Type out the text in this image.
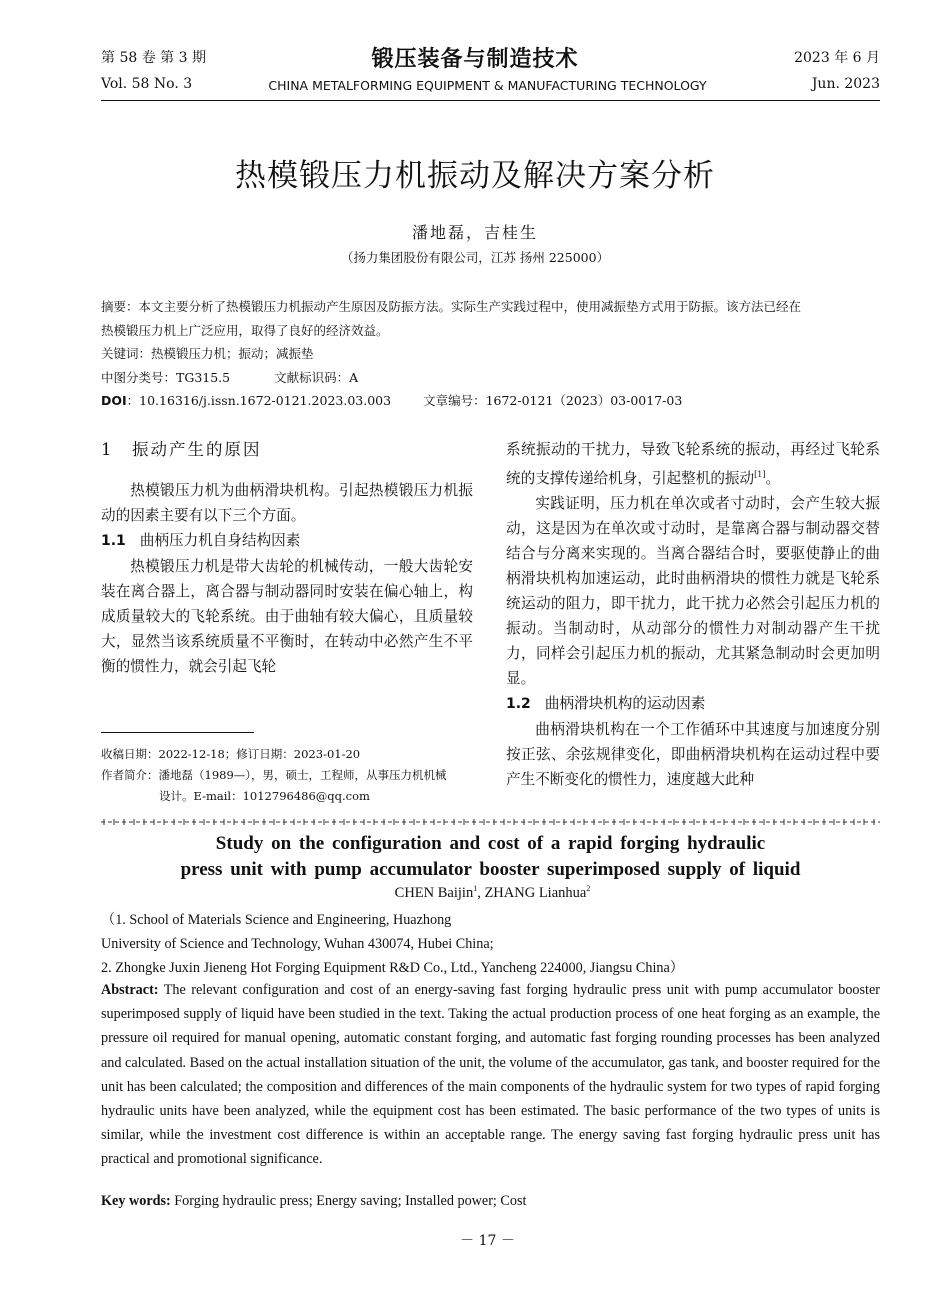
第 58 卷 第 3 期	锻压装备与制造技术	2023 年 6 月
Vol. 58 No. 3	CHINA METALFORMING EQUIPMENT & MANUFACTURING TECHNOLOGY	Jun. 2023
热模锻压力机振动及解决方案分析
潘地磊，吉桂生
（扬力集团股份有限公司，江苏 扬州 225000）
摘要：本文主要分析了热模锻压力机振动产生原因及防振方法。实际生产实践过程中，使用减振垫方式用于防振。该方法已经在
热模锻压力机上广泛应用，取得了良好的经济效益。
关键词：热模锻压力机；振动；减振垫
中图分类号：TG315.5	文献标识码：A
DOI：10.16316/j.issn.1672-0121.2023.03.003	文章编号：1672-0121（2023）03-0017-03
1　振动产生的原因

热模锻压力机为曲柄滑块机构。引起热模锻压力机振动的因素主要有以下三个方面。

1.1 曲柄压力机自身结构因素

热模锻压力机是带大齿轮的机械传动，一般大齿轮安装在离合器上，离合器与制动器同时安装在偏心轴上，构成质量较大的飞轮系统。由于曲轴有较大偏心，且质量较大，显然当该系统质量不平衡时，在转动中必然产生不平衡的惯性力，就会引起飞轮

收稿日期：2022-12-18；修订日期：2023-01-20
作者简介：潘地磊（1989—），男，硕士，工程师，从事压力机机械
设计。E-mail：1012796486@qq.com

系统振动的干扰力，导致飞轮系统的振动，再经过飞轮系统的支撑传递给机身，引起整机的振动[1]。

实践证明，压力机在单次或者寸动时，会产生较大振动，这是因为在单次或寸动时，是靠离合器与制动器交替结合与分离来实现的。当离合器结合时，要驱使静止的曲柄滑块机构加速运动，此时曲柄滑块的惯性力就是飞轮系统运动的阻力，即干扰力，此干扰力必然会引起压力机的振动。当制动时，从动部分的惯性力对制动器产生干扰力，同样会引起压力机的振动，尤其紧急制动时会更加明显。

1.2 曲柄滑块机构的运动因素

曲柄滑块机构在一个工作循环中其速度与加速度分别按正弦、余弦规律变化，即曲柄滑块机构在运动过程中要产生不断变化的惯性力，速度越大此种

Study on the configuration and cost of a rapid forging hydraulic
press unit with pump accumulator booster superimposed supply of liquid
CHEN Baijin$^1$, ZHANG Lianhua$^2$
（1. School of Materials Science and Engineering, Huazhong
University of Science and Technology, Wuhan 430074, Hubei China;
2. Zhongke Juxin Jieneng Hot Forging Equipment R&D Co., Ltd., Yancheng 224000, Jiangsu China）
Abstract: The relevant configuration and cost of an energy-saving fast forging hydraulic press unit with pump accumulator booster superimposed supply of liquid have been studied in the text. Taking the actual production process of one heat forging as an example, the pressure oil required for manual opening, automatic constant forging, and automatic fast forging rounding processes has been analyzed and calculated. Based on the actual installation situation of the unit, the volume of the accumulator, gas tank, and booster required for the unit has been calculated; the composition and differences of the main components of the hydraulic system for two types of rapid forging hydraulic units have been analyzed, while the equipment cost has been estimated. The basic performance of the two types of units is similar, while the investment cost difference is within an acceptable range. The energy saving fast forging hydraulic press unit has practical and promotional significance.
Key words: Forging hydraulic press; Energy saving; Installed power; Cost
－ 17 －
